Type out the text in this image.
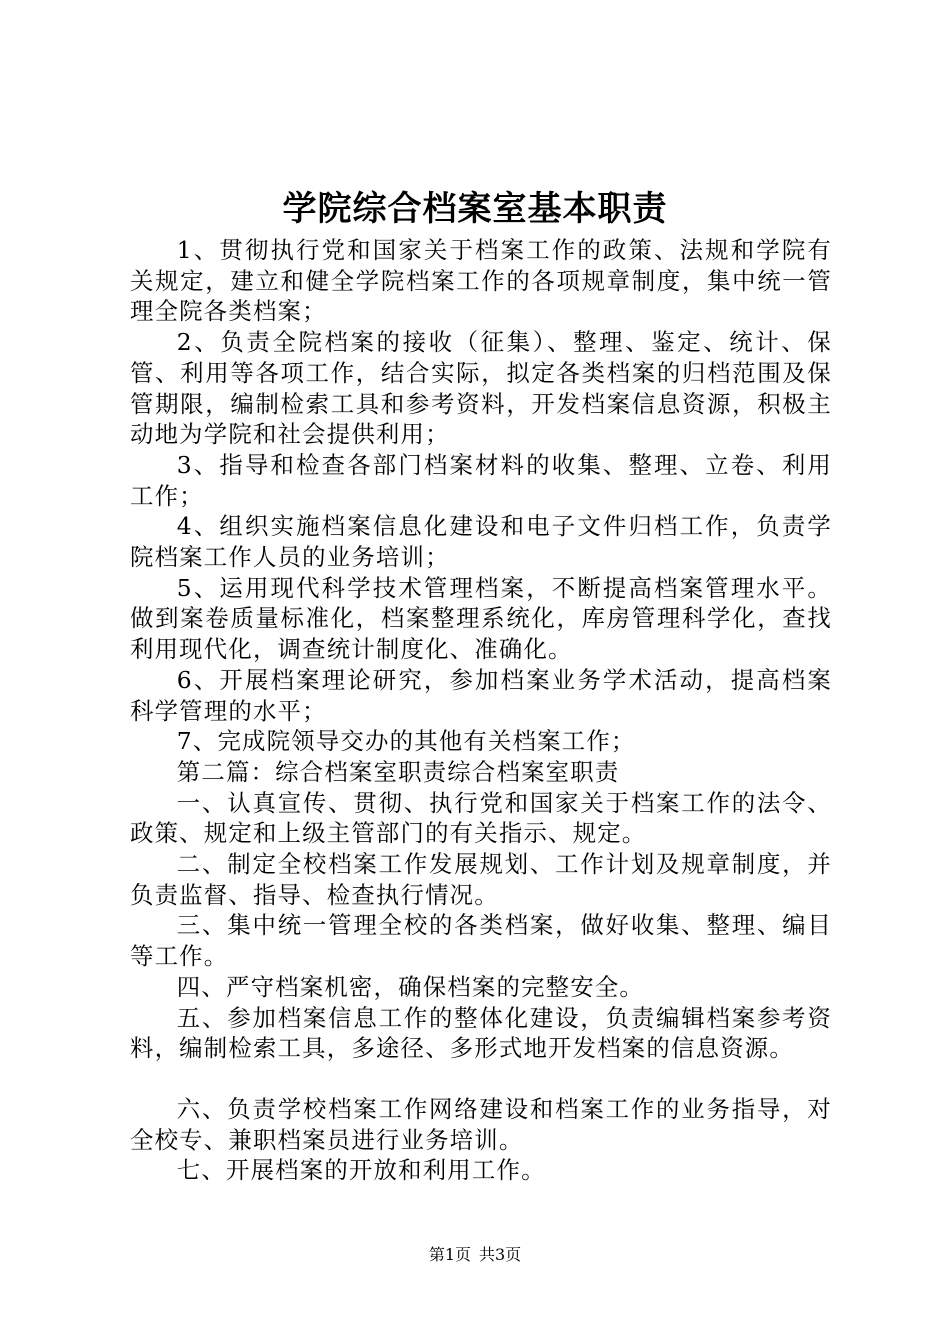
学院综合档案室基本职责

1、贯彻执行党和国家关于档案工作的政策、法规和学院有关规定，建立和健全学院档案工作的各项规章制度，集中统一管理全院各类档案；

2、负责全院档案的接收（征集）、整理、鉴定、统计、保管、利用等各项工作，结合实际，拟定各类档案的归档范围及保管期限，编制检索工具和参考资料，开发档案信息资源，积极主动地为学院和社会提供利用；

3、指导和检查各部门档案材料的收集、整理、立卷、利用工作；

4、组织实施档案信息化建设和电子文件归档工作，负责学院档案工作人员的业务培训；

5、运用现代科学技术管理档案，不断提高档案管理水平。做到案卷质量标准化，档案整理系统化，库房管理科学化，查找利用现代化，调查统计制度化、准确化。

6、开展档案理论研究，参加档案业务学术活动，提高档案科学管理的水平；

7、完成院领导交办的其他有关档案工作；

第二篇：综合档案室职责综合档案室职责

一、认真宣传、贯彻、执行党和国家关于档案工作的法令、政策、规定和上级主管部门的有关指示、规定。

二、制定全校档案工作发展规划、工作计划及规章制度，并负责监督、指导、检查执行情况。

三、集中统一管理全校的各类档案，做好收集、整理、编目等工作。

四、严守档案机密，确保档案的完整安全。

五、参加档案信息工作的整体化建设，负责编辑档案参考资料，编制检索工具，多途径、多形式地开发档案的信息资源。

六、负责学校档案工作网络建设和档案工作的业务指导，对全校专、兼职档案员进行业务培训。

七、开展档案的开放和利用工作。

第1页 共3页
